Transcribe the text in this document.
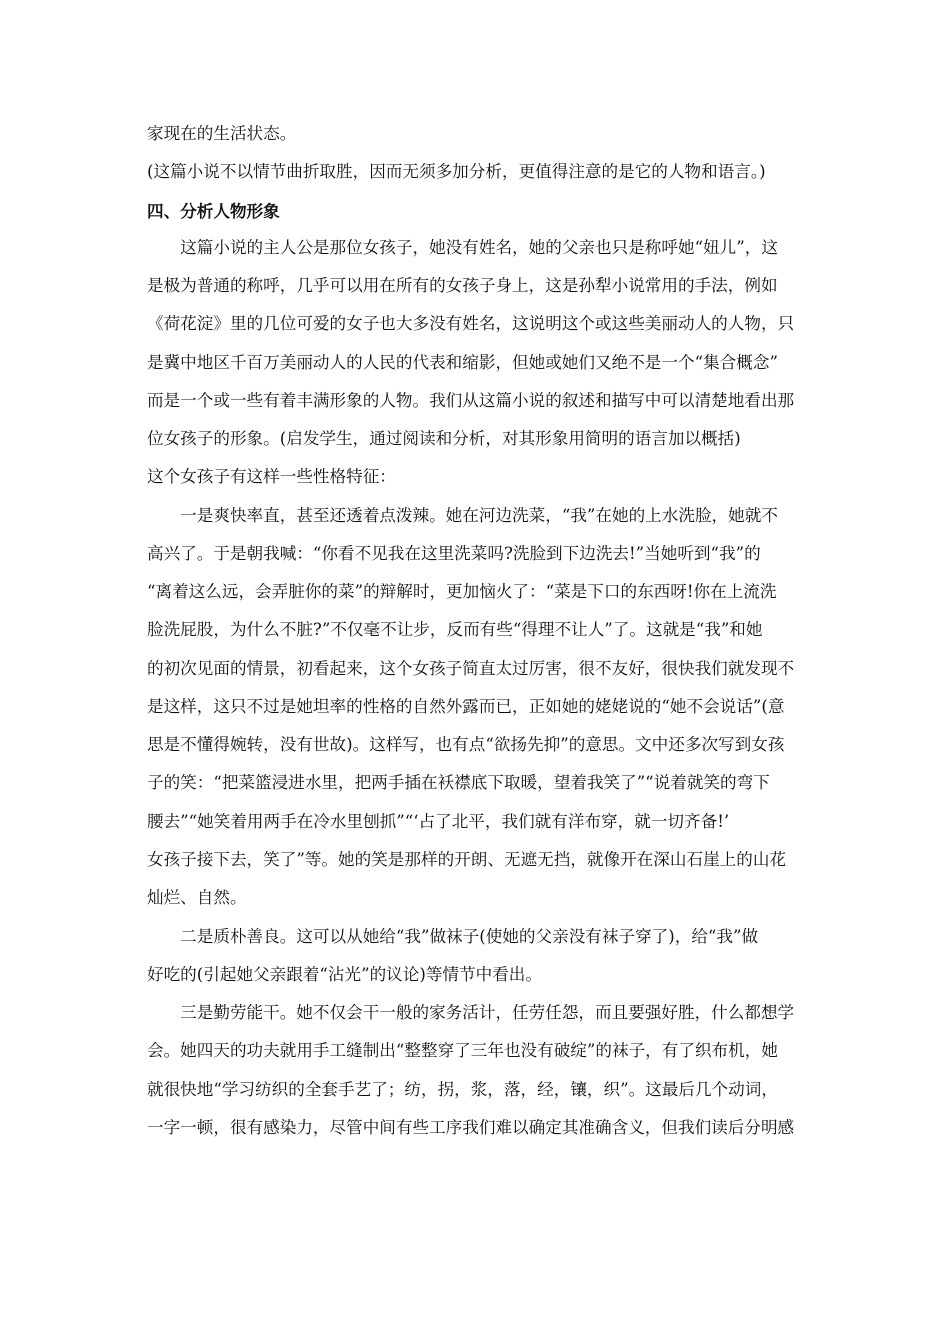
家现在的生活状态。
(这篇小说不以情节曲折取胜，因而无须多加分析，更值得注意的是它的人物和语言。)
四、分析人物形象
　　这篇小说的主人公是那位女孩子，她没有姓名，她的父亲也只是称呼她“妞儿”，这
是极为普通的称呼，几乎可以用在所有的女孩子身上，这是孙犁小说常用的手法，例如
《荷花淀》里的几位可爱的女子也大多没有姓名，这说明这个或这些美丽动人的人物，只
是冀中地区千百万美丽动人的人民的代表和缩影，但她或她们又绝不是一个“集合概念”
而是一个或一些有着丰满形象的人物。我们从这篇小说的叙述和描写中可以清楚地看出那
位女孩子的形象。(启发学生，通过阅读和分析，对其形象用简明的语言加以概括)
这个女孩子有这样一些性格特征：
　　一是爽快率直，甚至还透着点泼辣。她在河边洗菜，“我”在她的上水洗脸，她就不
高兴了。于是朝我喊：“你看不见我在这里洗菜吗?洗脸到下边洗去!”当她听到“我”的
“离着这么远，会弄脏你的菜”的辩解时，更加恼火了：“菜是下口的东西呀!你在上流洗
脸洗屁股，为什么不脏?”不仅毫不让步，反而有些“得理不让人”了。这就是“我”和她
的初次见面的情景，初看起来，这个女孩子简直太过厉害，很不友好，很快我们就发现不
是这样，这只不过是她坦率的性格的自然外露而已，正如她的姥姥说的“她不会说话”(意
思是不懂得婉转，没有世故)。这样写，也有点“欲扬先抑”的意思。文中还多次写到女孩
子的笑：“把菜篮浸进水里，把两手插在袄襟底下取暖，望着我笑了”“说着就笑的弯下
腰去”“她笑着用两手在冷水里刨抓”“‘占了北平，我们就有洋布穿，就一切齐备!’
女孩子接下去，笑了”等。她的笑是那样的开朗、无遮无挡，就像开在深山石崖上的山花
灿烂、自然。
　　二是质朴善良。这可以从她给“我”做袜子(使她的父亲没有袜子穿了)，给“我”做
好吃的(引起她父亲跟着“沾光”的议论)等情节中看出。
　　三是勤劳能干。她不仅会干一般的家务活计，任劳任怨，而且要强好胜，什么都想学
会。她四天的功夫就用手工缝制出“整整穿了三年也没有破绽”的袜子，有了织布机，她
就很快地“学习纺织的全套手艺了；纺，拐，浆，落，经，镶，织”。这最后几个动词，
一字一顿，很有感染力，尽管中间有些工序我们难以确定其准确含义，但我们读后分明感
